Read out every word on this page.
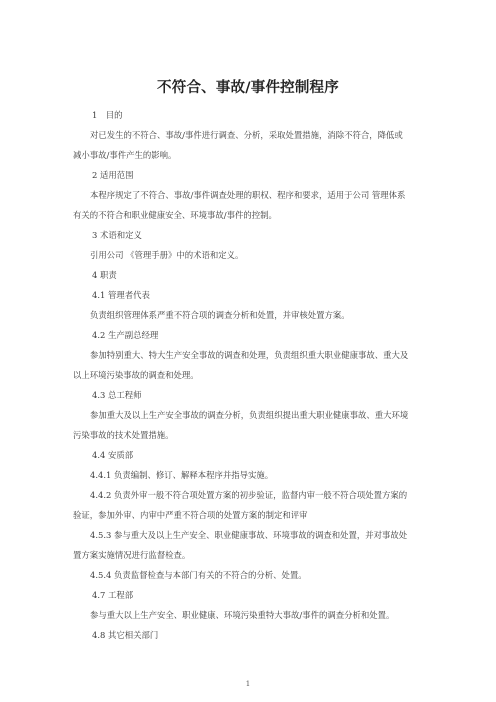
不符合、事故/事件控制程序
1　目的
对已发生的不符合、事故/事件进行调查、分析，采取处置措施，消除不符合，降低或
减小事故/事件产生的影响。
2 适用范围
本程序规定了不符合、事故/事件调查处理的职权、程序和要求，适用于公司 管理体系
有关的不符合和职业健康安全、环境事故/事件的控制。
3 术语和定义
引用公司 《管理手册》中的术语和定义。
4 职责
4.1 管理者代表
负责组织管理体系严重不符合项的调查分析和处置，并审核处置方案。
4.2 生产副总经理
参加特别重大、特大生产安全事故的调查和处理，负责组织重大职业健康事故、重大及
以上环境污染事故的调查和处理。
4.3 总工程师
参加重大及以上生产安全事故的调查分析，负责组织提出重大职业健康事故、重大环境
污染事故的技术处置措施。
4.4 安质部
4.4.1 负责编制、修订、解释本程序并指导实施。
4.4.2 负责外审一般不符合项处置方案的初步验证，监督内审一般不符合项处置方案的
验证，参加外审、内审中严重不符合项的处置方案的制定和评审
4.5.3 参与重大及以上生产安全、职业健康事故、环境事故的调查和处置，并对事故处
置方案实施情况进行监督检查。
4.5.4 负责监督检查与本部门有关的不符合的分析、处置。
4.7 工程部
参与重大以上生产安全、职业健康、环境污染重特大事故/事件的调查分析和处置。
4.8 其它相关部门
1
